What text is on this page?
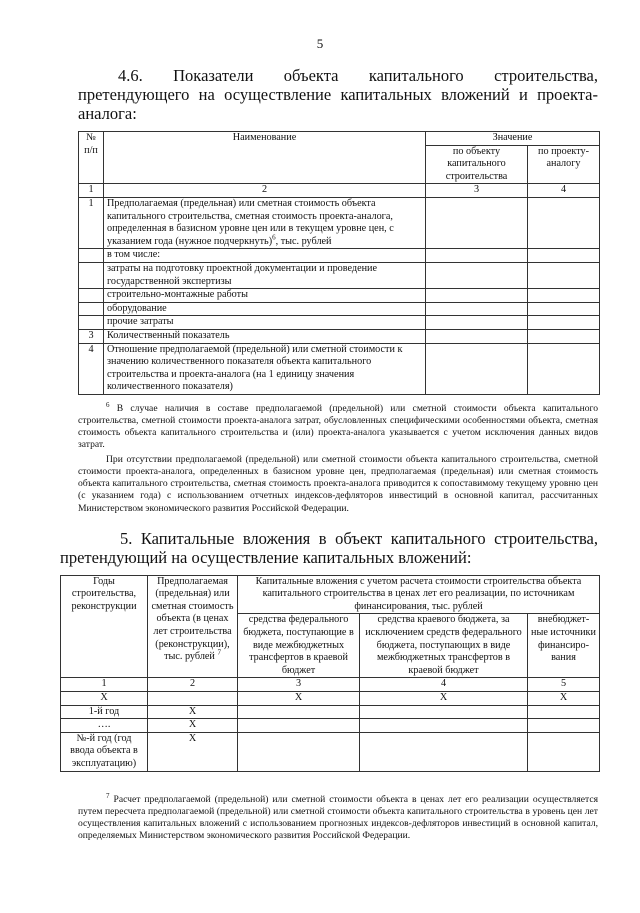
5
4.6. Показатели объекта капитального строительства, претендующего на осуществление капитальных вложений и проекта-аналога:
№ п/п	Наименование	Значение	
		по объекту капитального строительства	по проекту-аналогу
1	2	3	4
1	Предполагаемая (предельная) или сметная стоимость объекта капитального строительства, сметная стоимость проекта-аналога, определенная в базисном уровне цен или в текущем уровне цен, с указанием года (нужное подчеркнуть)$^6$, тыс. рублей		
	в том числе:		
	затраты на подготовку проектной документации и проведение государственной экспертизы		
	строительно-монтажные работы		
	оборудование		
	прочие затраты		
3	Количественный показатель		
4	Отношение предполагаемой (предельной) или сметной стоимости к значению количественного показателя объекта капитального строительства и проекта-аналога (на 1 единицу значения количественного показателя)		

$^6$ В случае наличия в составе предполагаемой (предельной) или сметной стоимости объекта капитального строительства, сметной стоимости проекта-аналога затрат, обусловленных специфическими особенностями объекта, сметная стоимость объекта капитального строительства и (или) проекта-аналога указывается с учетом исключения данных видов затрат.

При отсутствии предполагаемой (предельной) или сметной стоимости объекта капитального строительства, сметной стоимости проекта-аналога, определенных в базисном уровне цен, предполагаемая (предельная) или сметная стоимость объекта капитального строительства, сметная стоимость проекта-аналога приводится к сопоставимому текущему уровню цен (с указанием года) с использованием отчетных индексов-дефляторов инвестиций в основной капитал, рассчитанных Министерством экономического развития Российской Федерации.

5. Капитальные вложения в объект капитального строительства, претендующий на осуществление капитальных вложений:
Годы строительства, реконструкции	Предполагаемая (предельная) или сметная стоимость объекта (в ценах лет строительства (реконструкции), тыс. рублей $^7$	Капитальные вложения с учетом расчета стоимости строительства объекта капитального строительства в ценах лет его реализации, по источникам финансирования, тыс. рублей		
		средства федерального бюджета, поступающие в виде межбюджетных трансфертов в краевой бюджет	средства краевого бюджета, за исключением средств федерального бюджета, поступающих в виде межбюджетных трансфертов в краевой бюджет	внебюджет-ные источники финансиро-вания
1	2	3	4	5
X		X	X	X
1-й год	X			
….	X			
№-й год (год ввода объекта в эксплуатацию)	X			

$^7$ Расчет предполагаемой (предельной) или сметной стоимости объекта в ценах лет его реализации осуществляется путем пересчета предполагаемой (предельной) или сметной стоимости объекта капитального строительства в уровень цен лет осуществления капитальных вложений с использованием прогнозных индексов-дефляторов инвестиций в основной капитал, определяемых Министерством экономического развития Российской Федерации.
